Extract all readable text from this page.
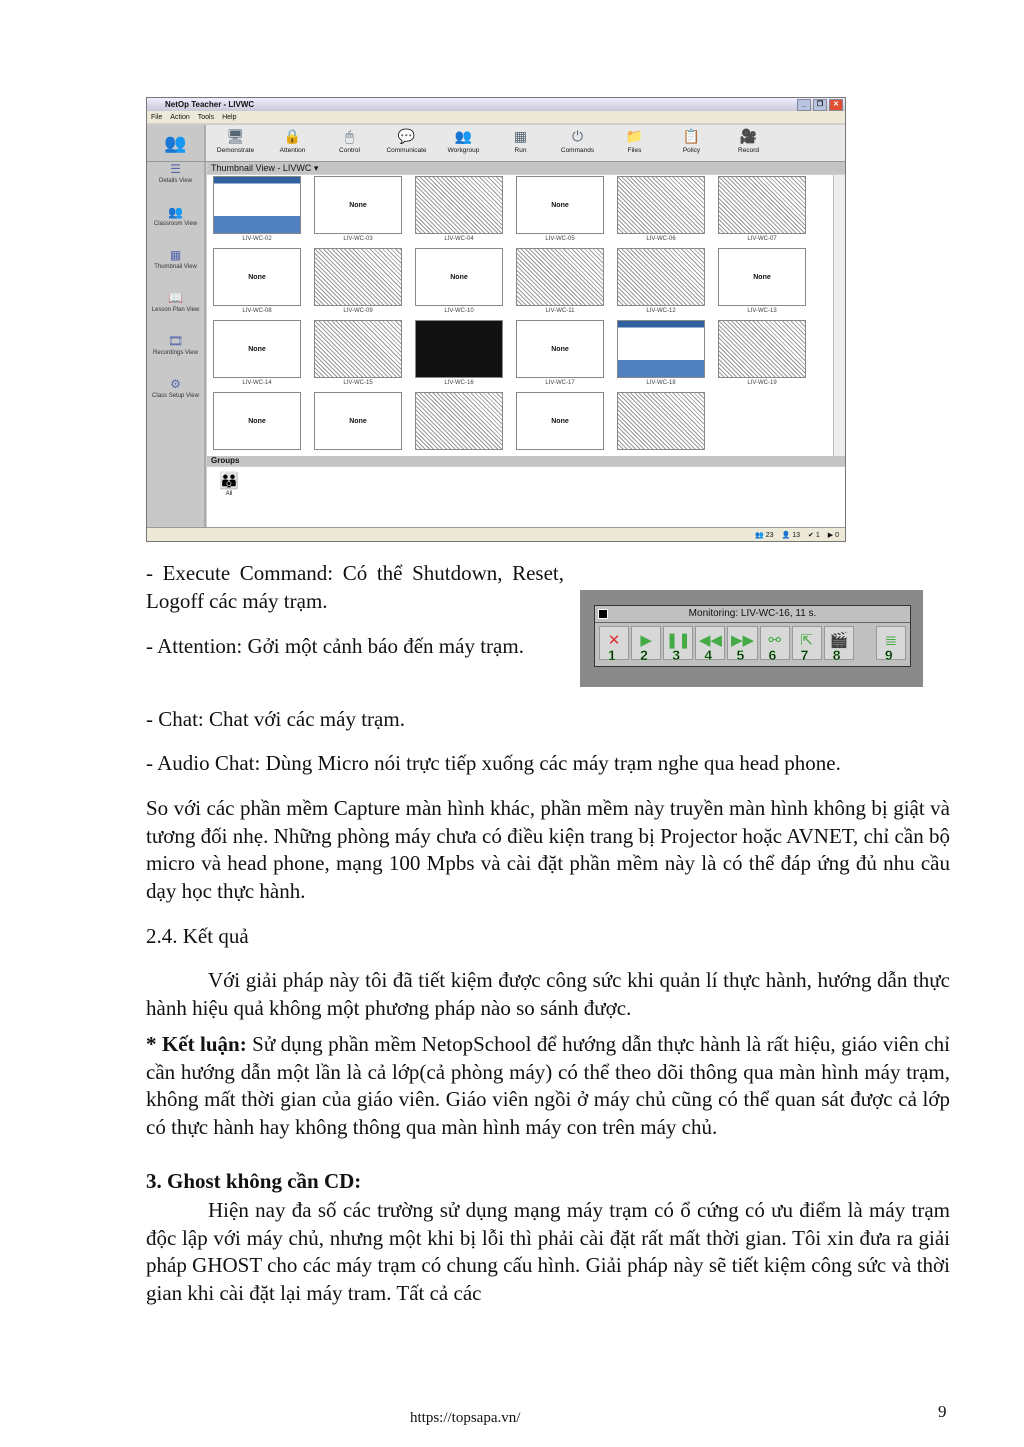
NetOp Teacher - LIVWC	_	❐	✕
File Action Tools Help
👥	🖥
Demonstrate
🔒
Attention
🖱
Control
💬
Communicate
👥
Workgroup
▦
Run
⏻
Commands
📁
Files
📋
Policy
🎥
Record
☰
Details View
👥
Classroom View
▦
Thumbnail View
📖
Lesson Plan View
🎞
Recordings View
⚙
Class Setup View
Thumbnail View - LIVWC ▾
LIV-WC-02
None
LIV-WC-03	LIV-WC-04
None
LIV-WC-05	LIV-WC-06	LIV-WC-07
None
LIV-WC-08	LIV-WC-09
None
LIV-WC-10	LIV-WC-11	LIV-WC-12
None
LIV-WC-13
None
LIV-WC-14	LIV-WC-15	LIV-WC-16
None
LIV-WC-17	LIV-WC-18	LIV-WC-19
None	None	None
Groups
👪
All
👥 23 👤 13 ✔ 1 ▶ 0

- Execute Command: Có thể Shutdown, Reset, Logoff các máy trạm.

- Attention: Gởi một cảnh báo đến máy trạm.

Monitoring: LIV-WC-16, 11 s.
✕
1
▶
2
❚❚
3
◀◀
4
▶▶
5
⚯
6
⇱
7
🎬
8
≣
9

- Chat: Chat với các máy trạm.

- Audio Chat: Dùng Micro nói trực tiếp xuống các máy trạm nghe qua head phone.

So với các phần mềm Capture màn hình khác, phần mềm này truyền màn hình không bị giật và tương đối nhẹ. Những phòng máy chưa có điều kiện trang bị Projector hoặc AVNET, chỉ cần bộ micro và head phone, mạng 100 Mpbs và cài đặt phần mềm này là có thể đáp ứng đủ nhu cầu dạy học thực hành.

2.4. Kết quả

Với giải pháp này tôi đã tiết kiệm được công sức khi quản lí thực hành, hướng dẫn thực hành hiệu quả không một phương pháp nào so sánh được.

* Kết luận: Sử dụng phần mềm NetopSchool để hướng dẫn thực hành là rất hiệu, giáo viên chỉ cần hướng dẫn một lần là cả lớp(cả phòng máy) có thể theo dõi thông qua màn hình máy trạm, không mất thời gian của giáo viên. Giáo viên ngồi ở máy chủ cũng có thể quan sát được cả lớp có thực hành hay không thông qua màn hình máy con trên máy chủ.

3. Ghost không cần CD:

Hiện nay đa số các trường sử dụng mạng máy trạm có ổ cứng có ưu điểm là máy trạm độc lập với máy chủ, nhưng một khi bị lỗi thì phải cài đặt rất mất thời gian. Tôi xin đưa ra giải pháp GHOST cho các máy trạm có chung cấu hình. Giải pháp này sẽ tiết kiệm công sức và thời gian khi cài đặt lại máy tram. Tất cả các

https://topsapa.vn/	9
